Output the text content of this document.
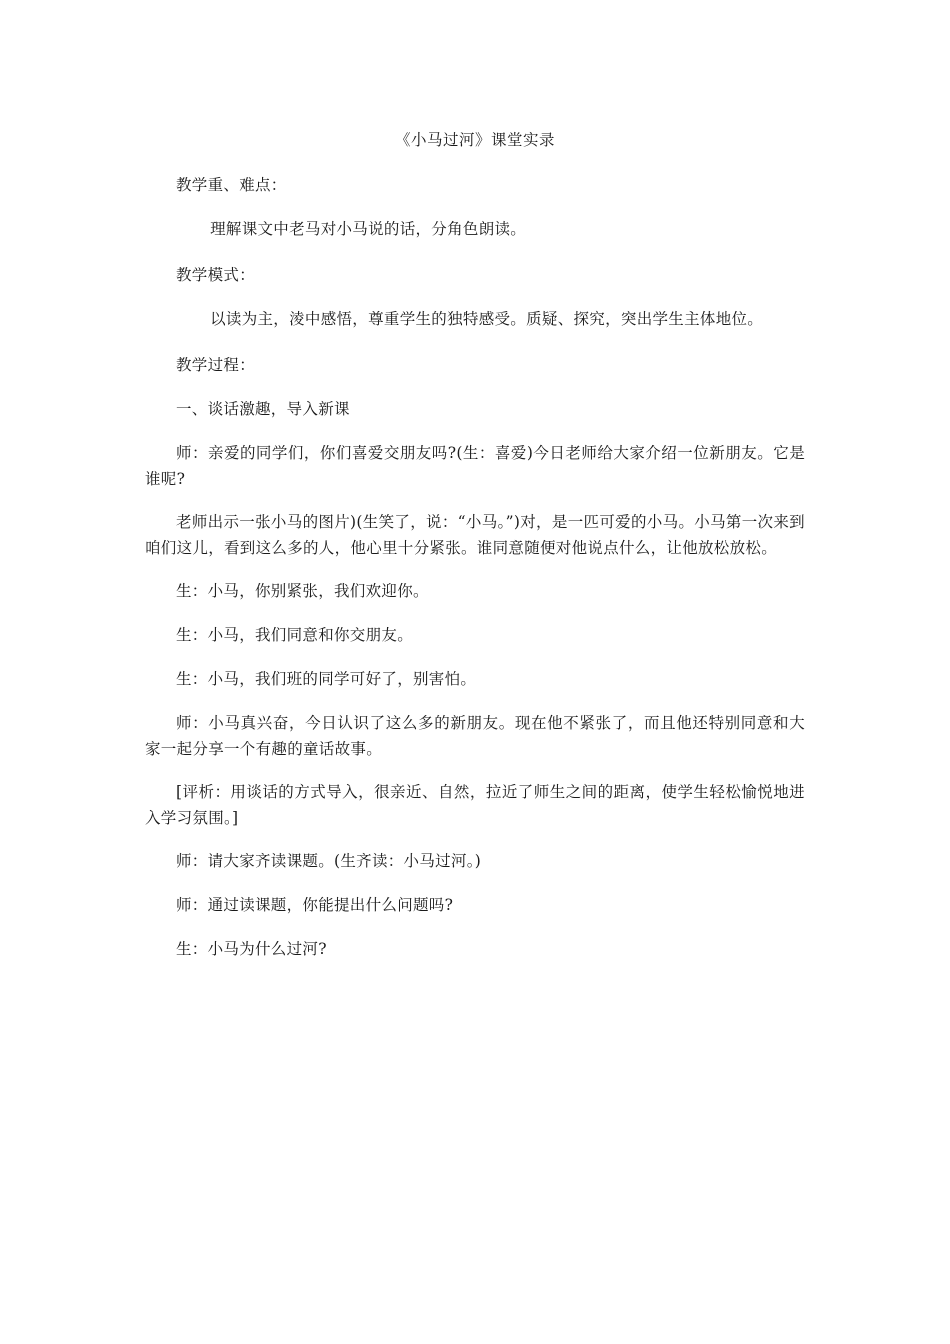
《小马过河》课堂实录

教学重、难点：

理解课文中老马对小马说的话，分角色朗读。

教学模式：

以读为主，淩中感悟，尊重学生的独特感受。质疑、探究，突出学生主体地位。

教学过程：

一、谈话激趣，导入新课

师：亲爱的同学们，你们喜爱交朋友吗?(生：喜爱)今日老师给大家介绍一位新朋友。它是谁呢?

老师出示一张小马的图片)(生笑了，说：“小马。”)对，是一匹可爱的小马。小马第一次来到咱们这儿，看到这么多的人，他心里十分紧张。谁同意随便对他说点什么，让他放松放松。

生：小马，你别紧张，我们欢迎你。

生：小马，我们同意和你交朋友。

生：小马，我们班的同学可好了，别害怕。

师：小马真兴奋，今日认识了这么多的新朋友。现在他不紧张了，而且他还特别同意和大家一起分享一个有趣的童话故事。

[评析：用谈话的方式导入，很亲近、自然，拉近了师生之间的距离，使学生轻松愉悦地进入学习氛围。]

师：请大家齐读课题。(生齐读：小马过河。)

师：通过读课题，你能提出什么问题吗?

生：小马为什么过河?
